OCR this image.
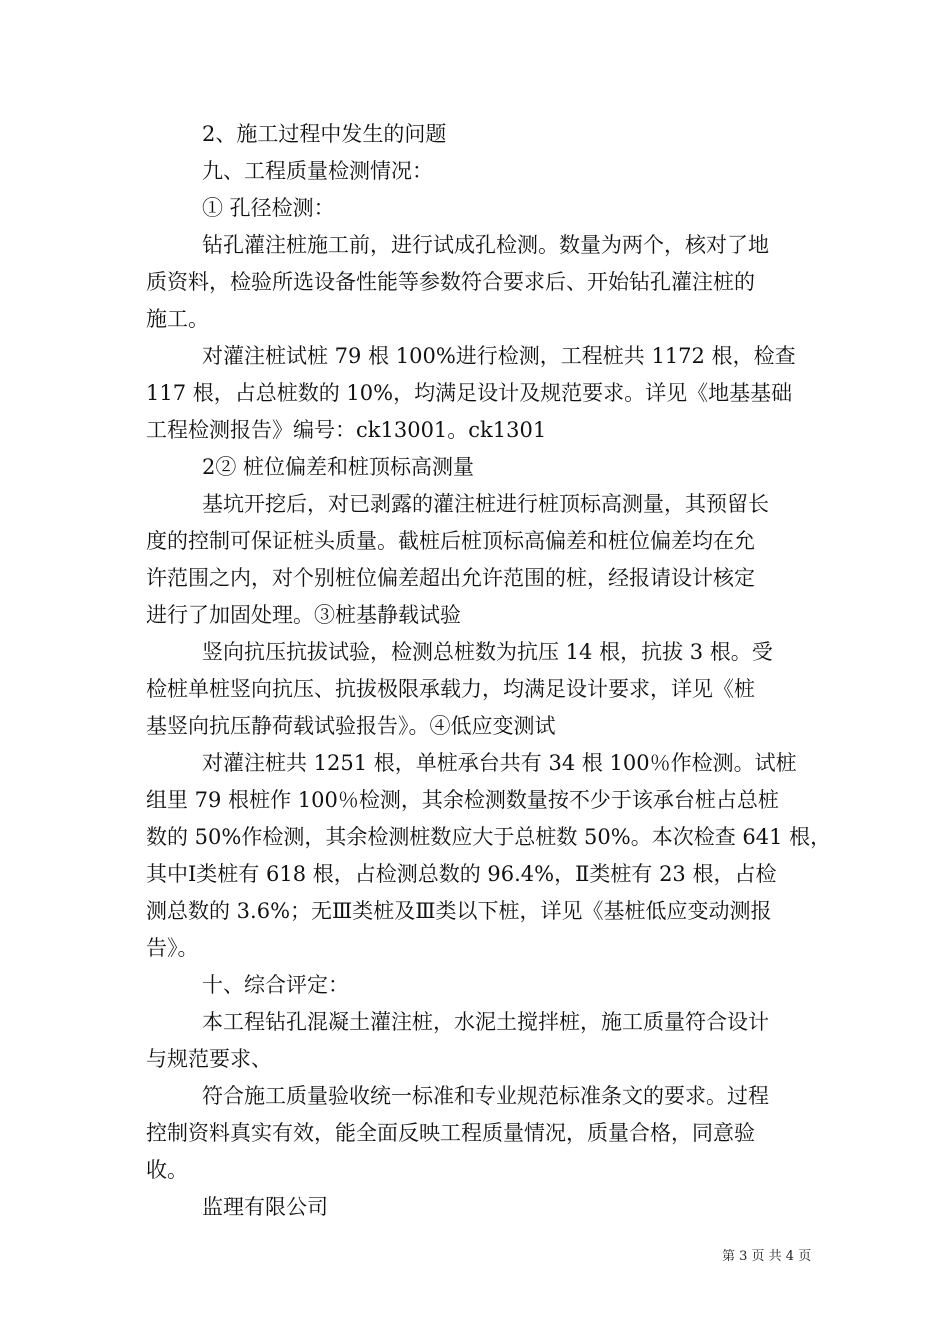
2、施工过程中发生的问题
九、工程质量检测情况：
① 孔径检测：
钻孔灌注桩施工前，进行试成孔检测。数量为两个，核对了地
质资料，检验所选设备性能等参数符合要求后、开始钻孔灌注桩的
施工。
对灌注桩试桩 79 根 100%进行检测，工程桩共 1172 根，检查
117 根，占总桩数的 10%，均满足设计及规范要求。详见《地基基础
工程检测报告》编号：ck13001。ck1301
2② 桩位偏差和桩顶标高测量
基坑开挖后，对已剥露的灌注桩进行桩顶标高测量，其预留长
度的控制可保证桩头质量。截桩后桩顶标高偏差和桩位偏差均在允
许范围之内，对个别桩位偏差超出允许范围的桩，经报请设计核定
进行了加固处理。③桩基静载试验
竖向抗压抗拔试验，检测总桩数为抗压 14 根，抗拔 3 根。受
检桩单桩竖向抗压、抗拔极限承载力，均满足设计要求，详见《桩
基竖向抗压静荷载试验报告》。④低应变测试
对灌注桩共 1251 根，单桩承台共有 34 根 100％作检测。试桩
组里 79 根桩作 100％检测，其余检测数量按不少于该承台桩占总桩
数的 50%作检测，其余检测桩数应大于总桩数 50%。本次检查 641 根，
其中Ⅰ类桩有 618 根，占检测总数的 96.4%，Ⅱ类桩有 23 根，占检
测总数的 3.6%；无Ⅲ类桩及Ⅲ类以下桩，详见《基桩低应变动测报
告》。
十、综合评定：
本工程钻孔混凝土灌注桩，水泥土搅拌桩，施工质量符合设计
与规范要求、
符合施工质量验收统一标准和专业规范标准条文的要求。过程
控制资料真实有效，能全面反映工程质量情况，质量合格，同意验
收。
监理有限公司
第 3 页 共 4 页
